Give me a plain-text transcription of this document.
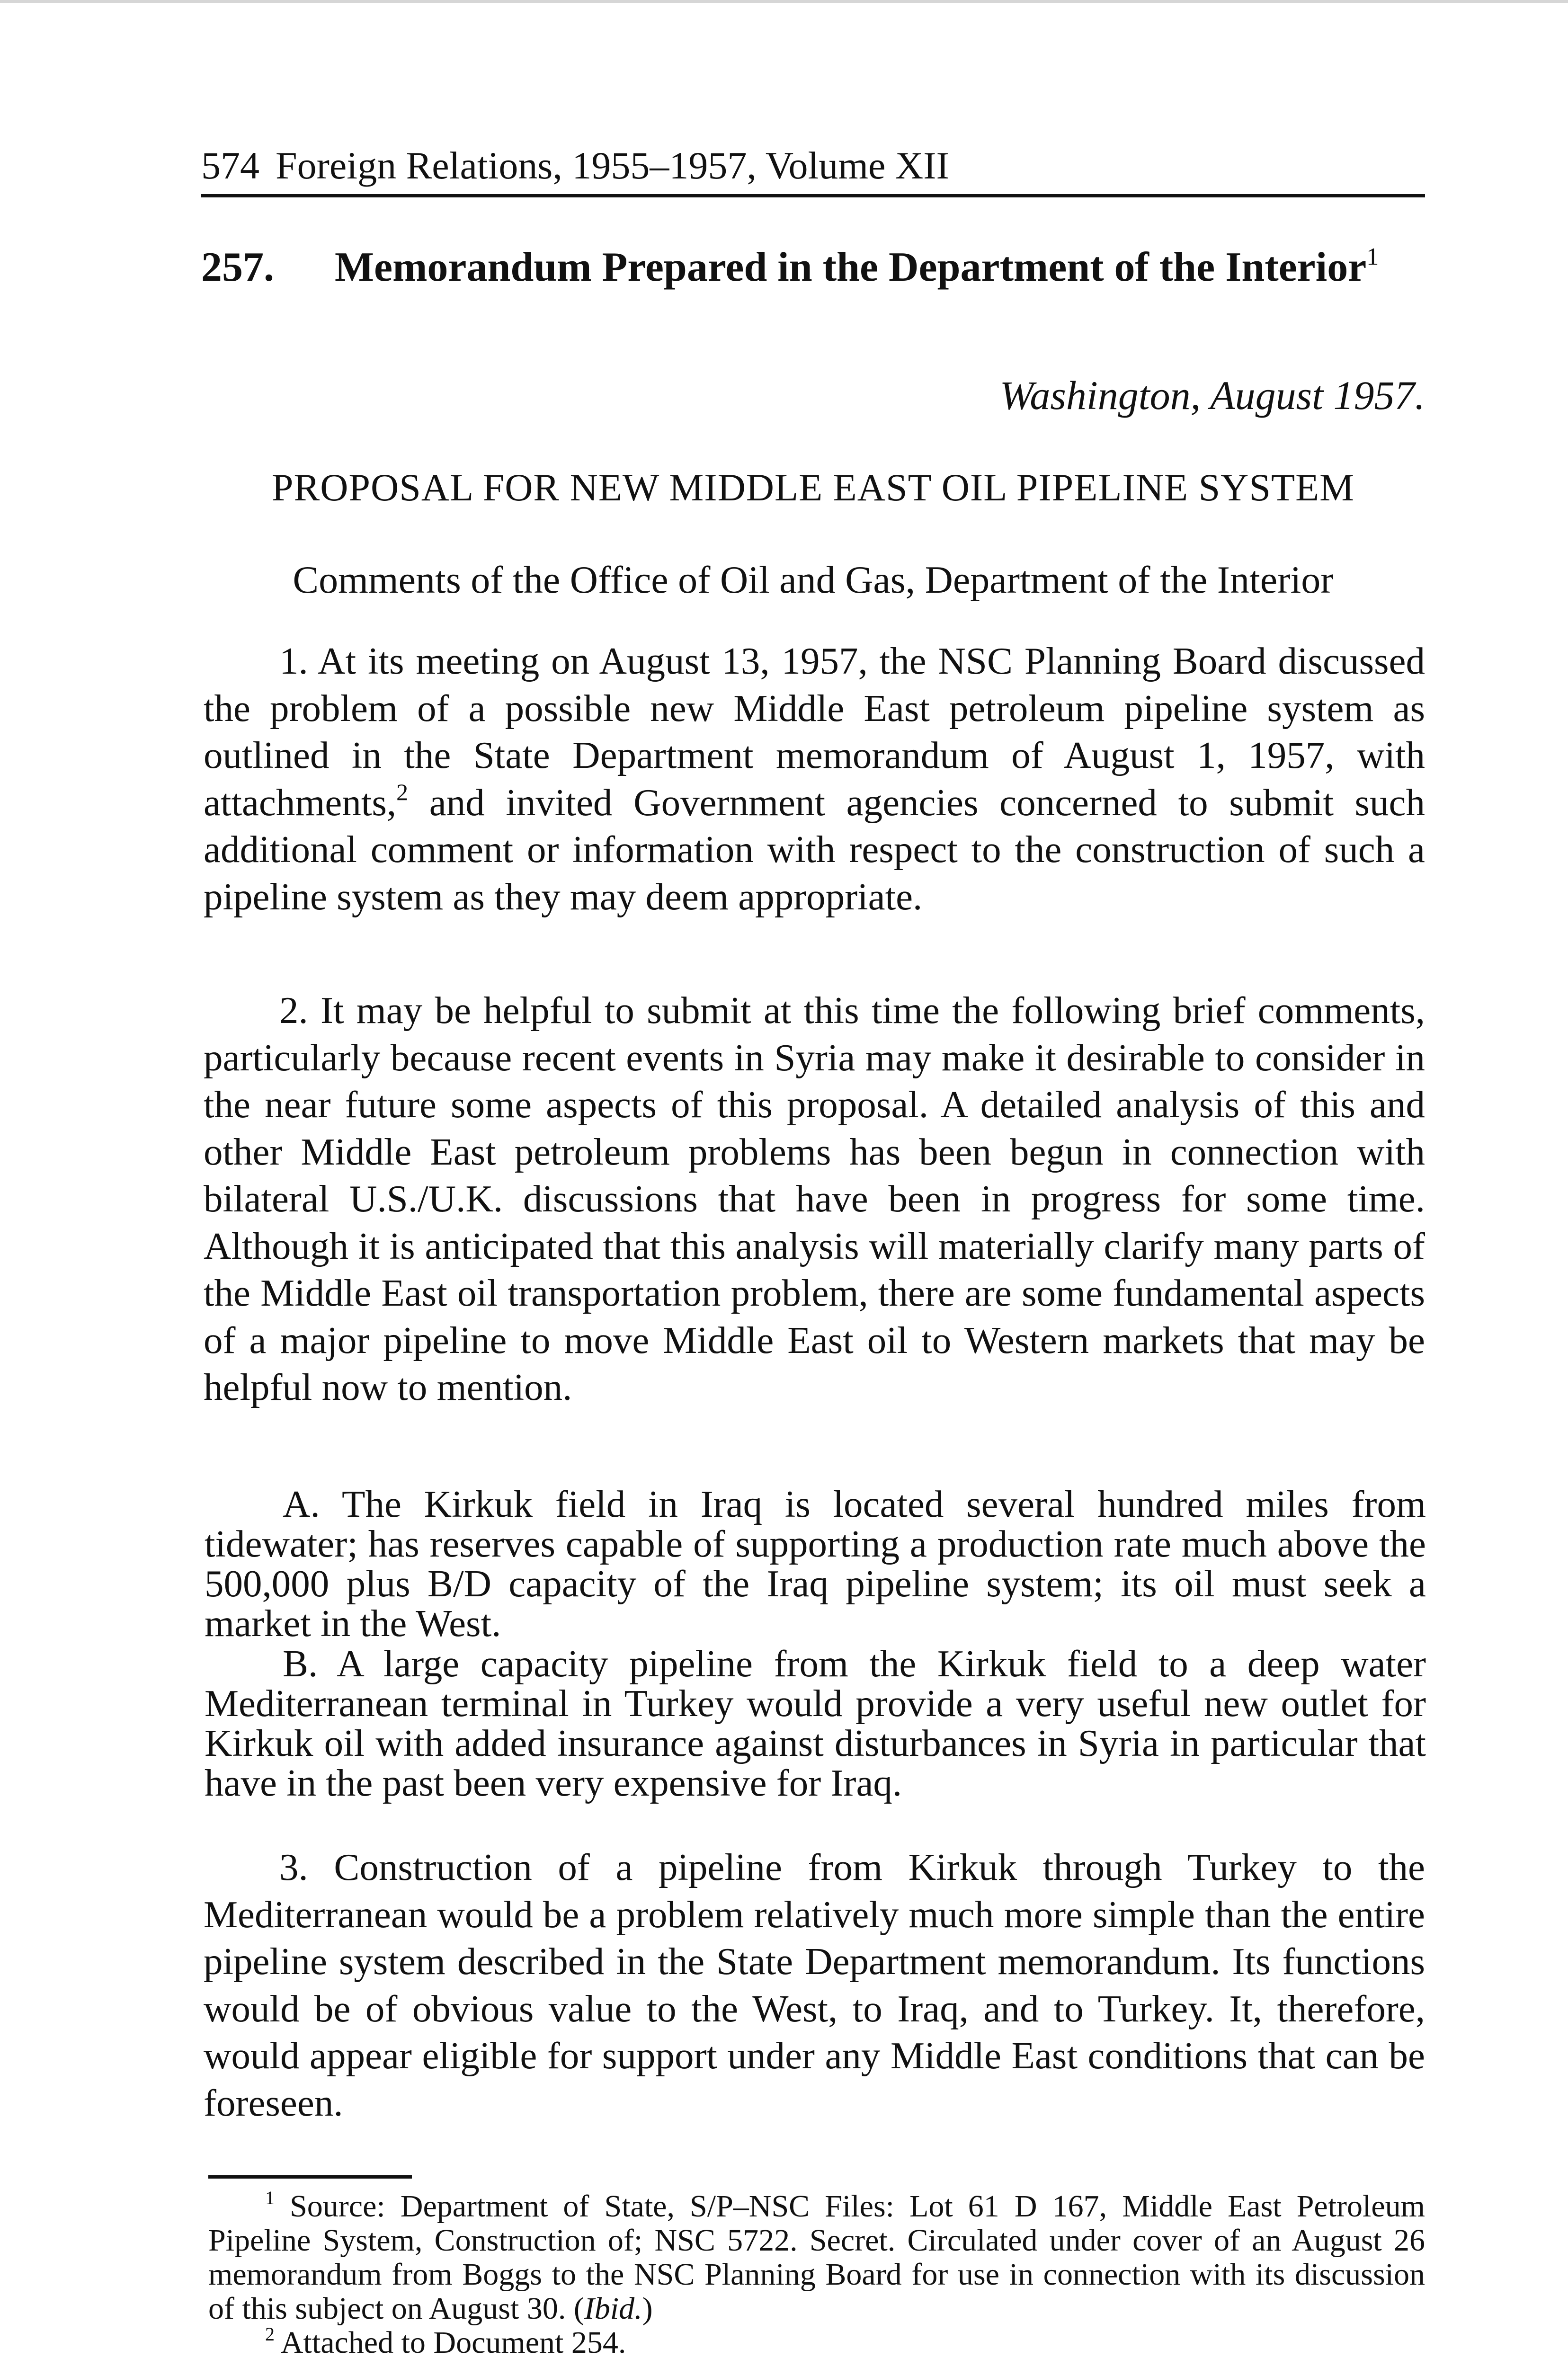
574 Foreign Relations, 1955–1957, Volume XII
257. Memorandum Prepared in the Department of the Interior$^1$
Washington, August 1957.
PROPOSAL FOR NEW MIDDLE EAST OIL PIPELINE SYSTEM
Comments of the Office of Oil and Gas, Department of the Interior

1. At its meeting on August 13, 1957, the NSC Planning Board discussed the problem of a possible new Middle East petroleum pipeline system as outlined in the State Department memorandum of August 1, 1957, with attachments,$^2$ and invited Government agencies concerned to submit such additional comment or information with respect to the construction of such a pipeline system as they may deem appropriate.

2. It may be helpful to submit at this time the following brief comments, particularly because recent events in Syria may make it desirable to consider in the near future some aspects of this proposal. A detailed analysis of this and other Middle East petroleum problems has been begun in connection with bilateral U.S./U.K. discussions that have been in progress for some time. Although it is anticipated that this analysis will materially clarify many parts of the Middle East oil transportation problem, there are some fundamental aspects of a major pipeline to move Middle East oil to Western markets that may be helpful now to mention.

A. The Kirkuk field in Iraq is located several hundred miles from tidewater; has reserves capable of supporting a production rate much above the 500,000 plus B/D capacity of the Iraq pipeline system; its oil must seek a market in the West.

B. A large capacity pipeline from the Kirkuk field to a deep water Mediterranean terminal in Turkey would provide a very useful new outlet for Kirkuk oil with added insurance against disturbances in Syria in particular that have in the past been very expensive for Iraq.

3. Construction of a pipeline from Kirkuk through Turkey to the Mediterranean would be a problem relatively much more simple than the entire pipeline system described in the State Department memorandum. Its functions would be of obvious value to the West, to Iraq, and to Turkey. It, therefore, would appear eligible for support under any Middle East conditions that can be foreseen.

$^1$ Source: Department of State, S/P–NSC Files: Lot 61 D 167, Middle East Petroleum Pipeline System, Construction of; NSC 5722. Secret. Circulated under cover of an August 26 memorandum from Boggs to the NSC Planning Board for use in connection with its discussion of this subject on August 30. (Ibid.)

$^2$ Attached to Document 254.
